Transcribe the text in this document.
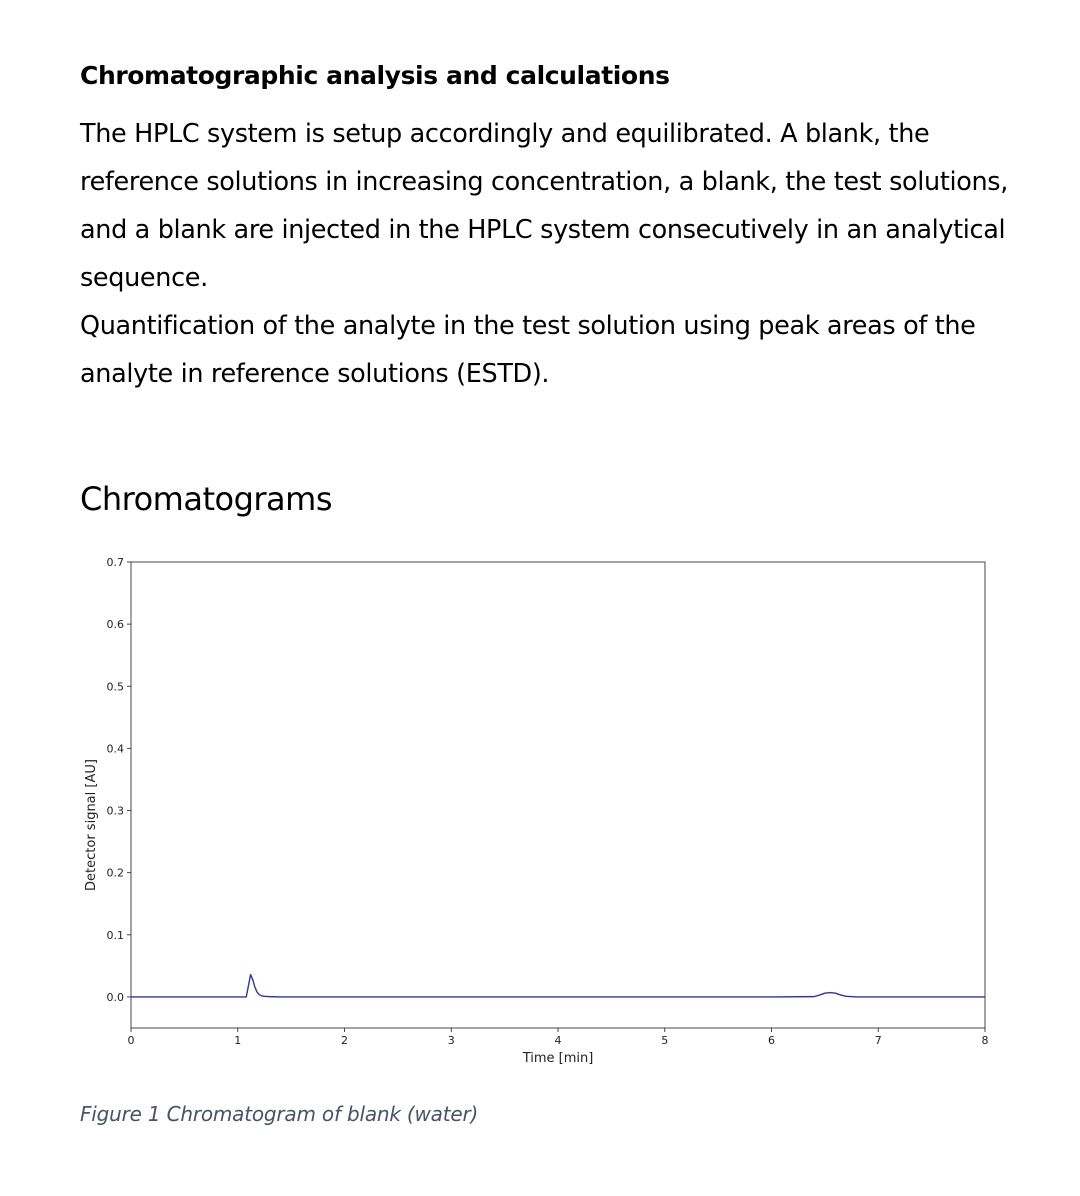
Chromatographic analysis and calculations

The HPLC system is setup accordingly and equilibrated. A blank, the reference solutions in increasing concentration, a blank, the test solutions, and a blank are injected in the HPLC system consecutively in an analytical sequence.

Quantification of the analyte in the test solution using peak areas of the analyte in reference solutions (ESTD).

Chromatograms
0.0
0.1
0.2
0.3
0.4
0.5
0.6
0.7
0	1	2	3	4	5	6	7	8
Time [min]
Detector signal [AU]

Figure 1 Chromatogram of blank (water)
